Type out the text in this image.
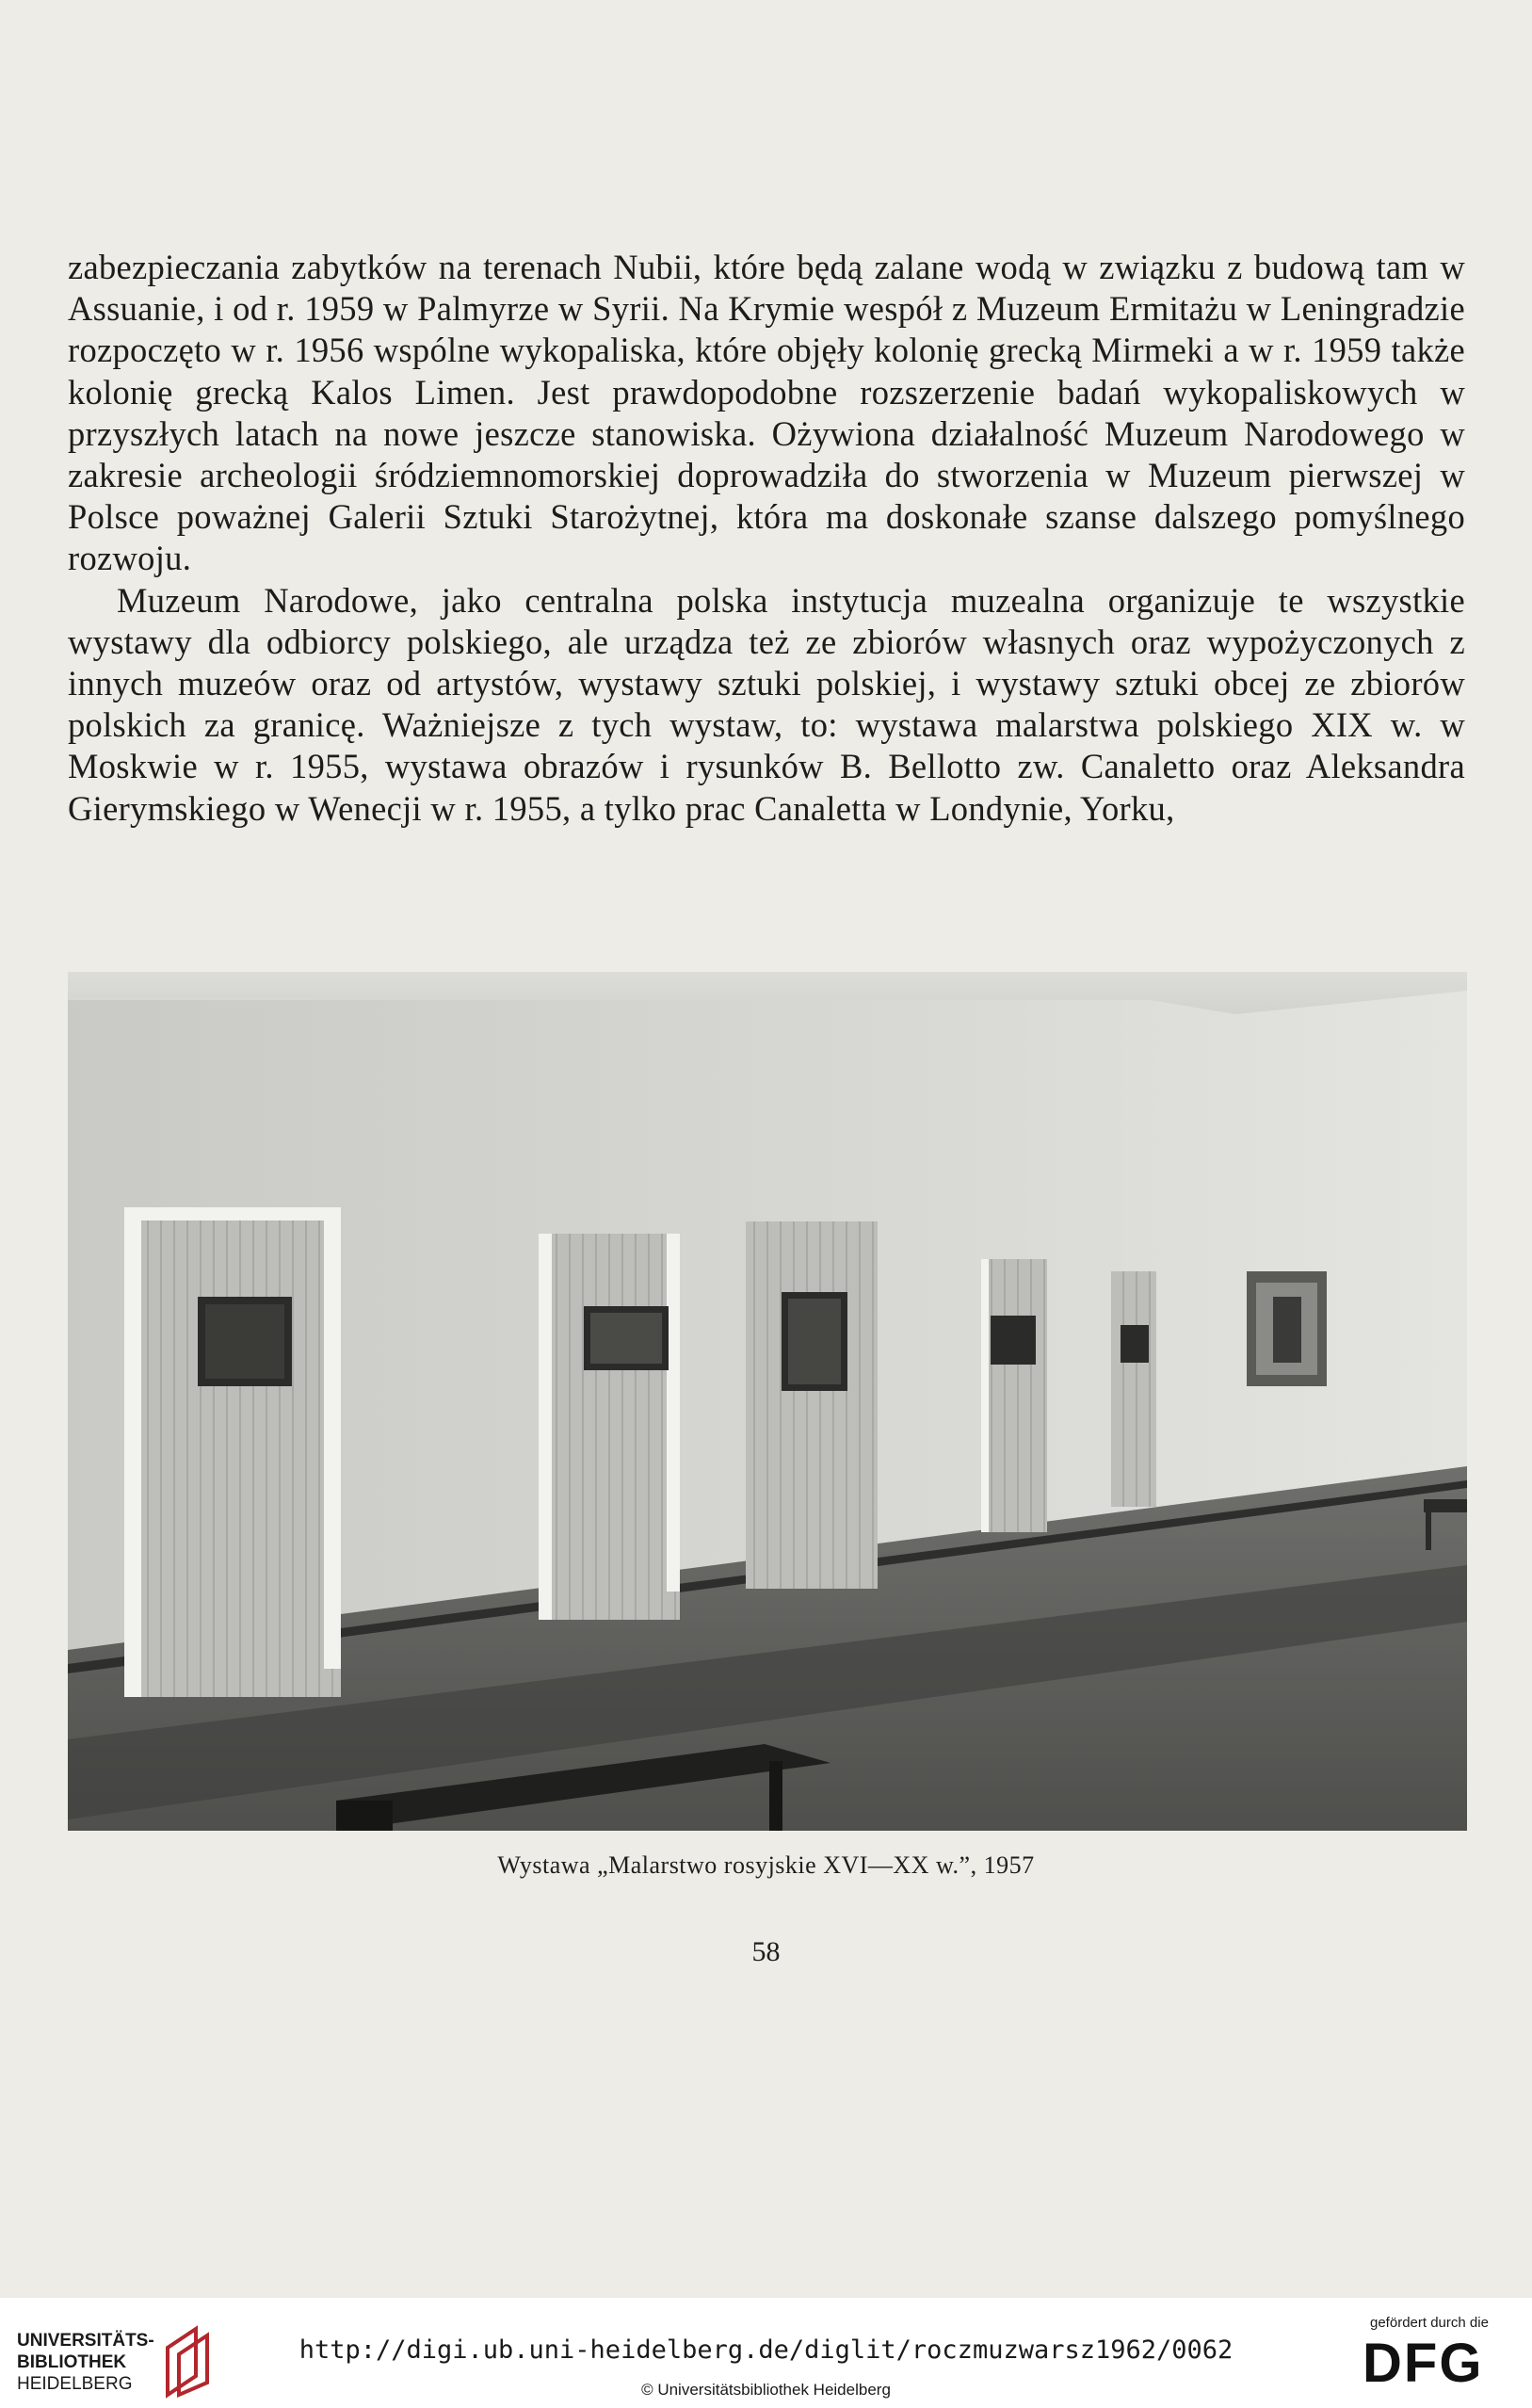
zabezpieczania zabytków na terenach Nubii, które będą zalane wodą w związku z budową tam w Assuanie, i od r. 1959 w Palmyrze w Syrii. Na Krymie wespół z Muzeum Ermitażu w Leningradzie rozpoczęto w r. 1956 wspólne wykopaliska, które objęły kolonię grecką Mirmeki a w r. 1959 także kolonię grecką Kalos Limen. Jest prawdopodobne rozszerzenie badań wykopaliskowych w przyszłych latach na nowe jeszcze stanowiska. Ożywiona działalność Muzeum Narodowego w zakresie archeologii śródziemnomorskiej doprowadziła do stworzenia w Muzeum pierwszej w Polsce poważnej Galerii Sztuki Starożytnej, która ma doskonałe szanse dalszego pomyślnego rozwoju.

Muzeum Narodowe, jako centralna polska instytucja muzealna organizuje te wszystkie wystawy dla odbiorcy polskiego, ale urządza też ze zbiorów własnych oraz wypożyczonych z innych muzeów oraz od artystów, wystawy sztuki polskiej, i wystawy sztuki obcej ze zbiorów polskich za granicę. Ważniejsze z tych wystaw, to: wystawa malarstwa polskiego XIX w. w Moskwie w r. 1955, wystawa obrazów i rysunków B. Bellotto zw. Canaletto oraz Aleksandra Gierymskiego w Wenecji w r. 1955, a tylko prac Canaletta w Londynie, Yorku,

Wystawa „Malarstwo rosyjskie XVI—XX w.”, 1957
58
UNIVERSITÄTS-
BIBLIOTHEK
HEIDELBERG
http://digi.ub.uni-heidelberg.de/diglit/roczmuzwarsz1962/0062
© Universitätsbibliothek Heidelberg
gefördert durch die
DFG
